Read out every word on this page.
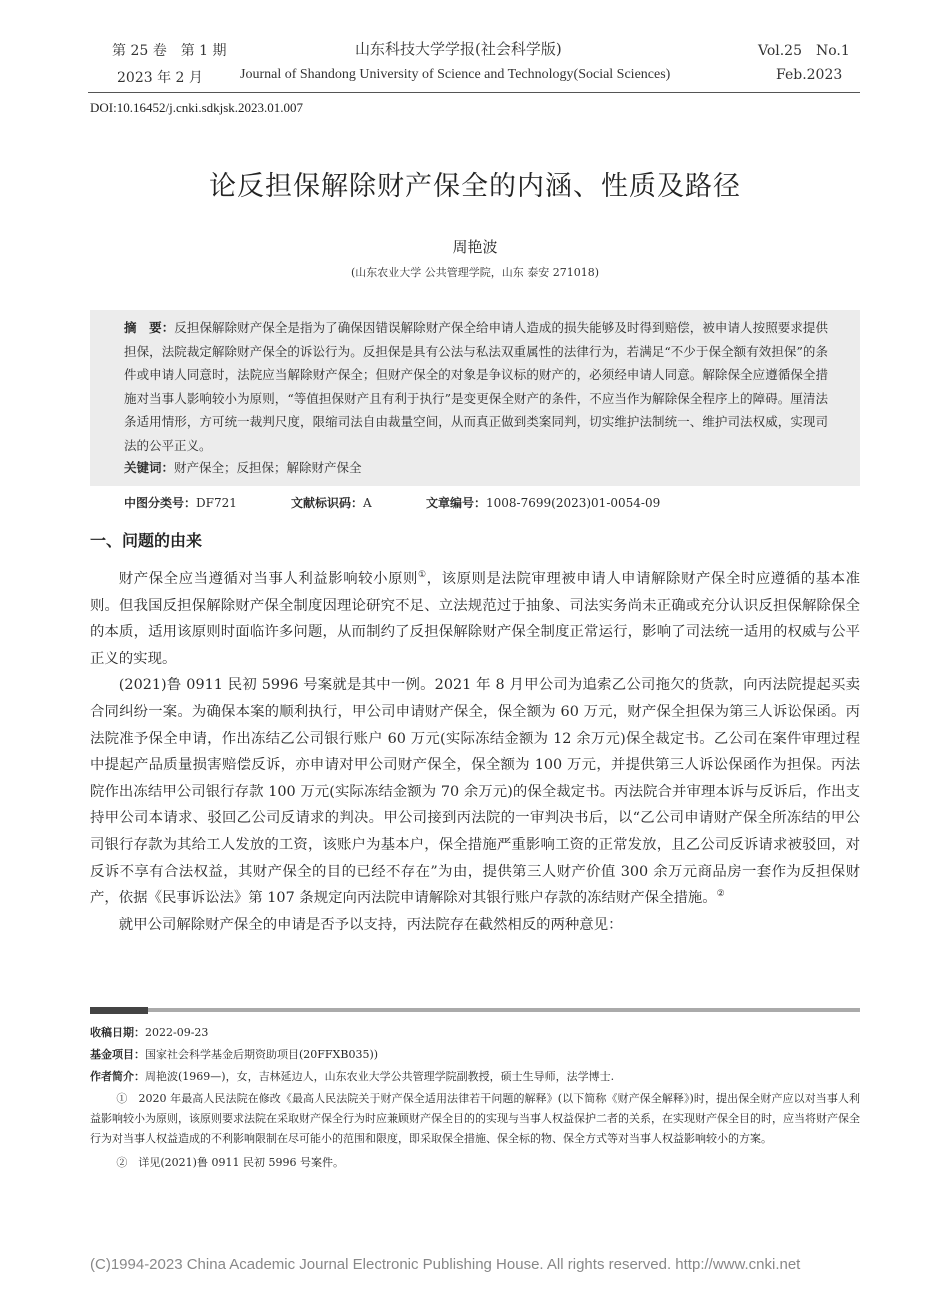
第 25 卷　第 1 期	山东科技大学学报(社会科学版)	Vol.25　No.1
2023 年 2 月	Journal of Shandong University of Science and Technology(Social Sciences)	Feb.2023
DOI:10.16452/j.cnki.sdkjsk.2023.01.007
论反担保解除财产保全的内涵、性质及路径
周艳波
(山东农业大学 公共管理学院，山东 泰安 271018)
摘　要：反担保解除财产保全是指为了确保因错误解除财产保全给申请人造成的损失能够及时得到赔偿，被申请人按照要求提供担保，法院裁定解除财产保全的诉讼行为。反担保是具有公法与私法双重属性的法律行为，若满足“不少于保全额有效担保”的条件或申请人同意时，法院应当解除财产保全；但财产保全的对象是争议标的财产的，必须经申请人同意。解除保全应遵循保全措施对当事人影响较小为原则，“等值担保财产且有利于执行”是变更保全财产的条件，不应当作为解除保全程序上的障碍。厘清法条适用情形，方可统一裁判尺度，限缩司法自由裁量空间，从而真正做到类案同判，切实维护法制统一、维护司法权威，实现司法的公平正义。
关键词：财产保全；反担保；解除财产保全
中图分类号：DF721	文献标识码：A	文章编号：1008-7699(2023)01-0054-09
一、问题的由来

财产保全应当遵循对当事人利益影响较小原则①，该原则是法院审理被申请人申请解除财产保全时应遵循的基本准则。但我国反担保解除财产保全制度因理论研究不足、立法规范过于抽象、司法实务尚未正确或充分认识反担保解除保全的本质，适用该原则时面临许多问题，从而制约了反担保解除财产保全制度正常运行，影响了司法统一适用的权威与公平正义的实现。

(2021)鲁 0911 民初 5996 号案就是其中一例。2021 年 8 月甲公司为追索乙公司拖欠的货款，向丙法院提起买卖合同纠纷一案。为确保本案的顺利执行，甲公司申请财产保全，保全额为 60 万元，财产保全担保为第三人诉讼保函。丙法院准予保全申请，作出冻结乙公司银行账户 60 万元(实际冻结金额为 12 余万元)保全裁定书。乙公司在案件审理过程中提起产品质量损害赔偿反诉，亦申请对甲公司财产保全，保全额为 100 万元，并提供第三人诉讼保函作为担保。丙法院作出冻结甲公司银行存款 100 万元(实际冻结金额为 70 余万元)的保全裁定书。丙法院合并审理本诉与反诉后，作出支持甲公司本请求、驳回乙公司反请求的判决。甲公司接到丙法院的一审判决书后，以“乙公司申请财产保全所冻结的甲公司银行存款为其给工人发放的工资，该账户为基本户，保全措施严重影响工资的正常发放，且乙公司反诉请求被驳回，对反诉不享有合法权益，其财产保全的目的已经不存在”为由，提供第三人财产价值 300 余万元商品房一套作为反担保财产，依据《民事诉讼法》第 107 条规定向丙法院申请解除对其银行账户存款的冻结财产保全措施。②

就甲公司解除财产保全的申请是否予以支持，丙法院存在截然相反的两种意见：

收稿日期：2022-09-23
基金项目：国家社会科学基金后期资助项目(20FFXB035))
作者简介：周艳波(1969—)，女，吉林延边人，山东农业大学公共管理学院副教授，硕士生导师，法学博士.

①　 2020 年最高人民法院在修改《最高人民法院关于财产保全适用法律若干问题的解释》(以下简称《财产保全解释》)时，提出保全财产应以对当事人利益影响较小为原则，该原则要求法院在采取财产保全行为时应兼顾财产保全目的的实现与当事人权益保护二者的关系，在实现财产保全目的时，应当将财产保全行为对当事人权益造成的不利影响限制在尽可能小的范围和限度，即采取保全措施、保全标的物、保全方式等对当事人权益影响较小的方案。

②　 详见(2021)鲁 0911 民初 5996 号案件。

(C)1994-2023 China Academic Journal Electronic Publishing House. All rights reserved. http://www.cnki.net
